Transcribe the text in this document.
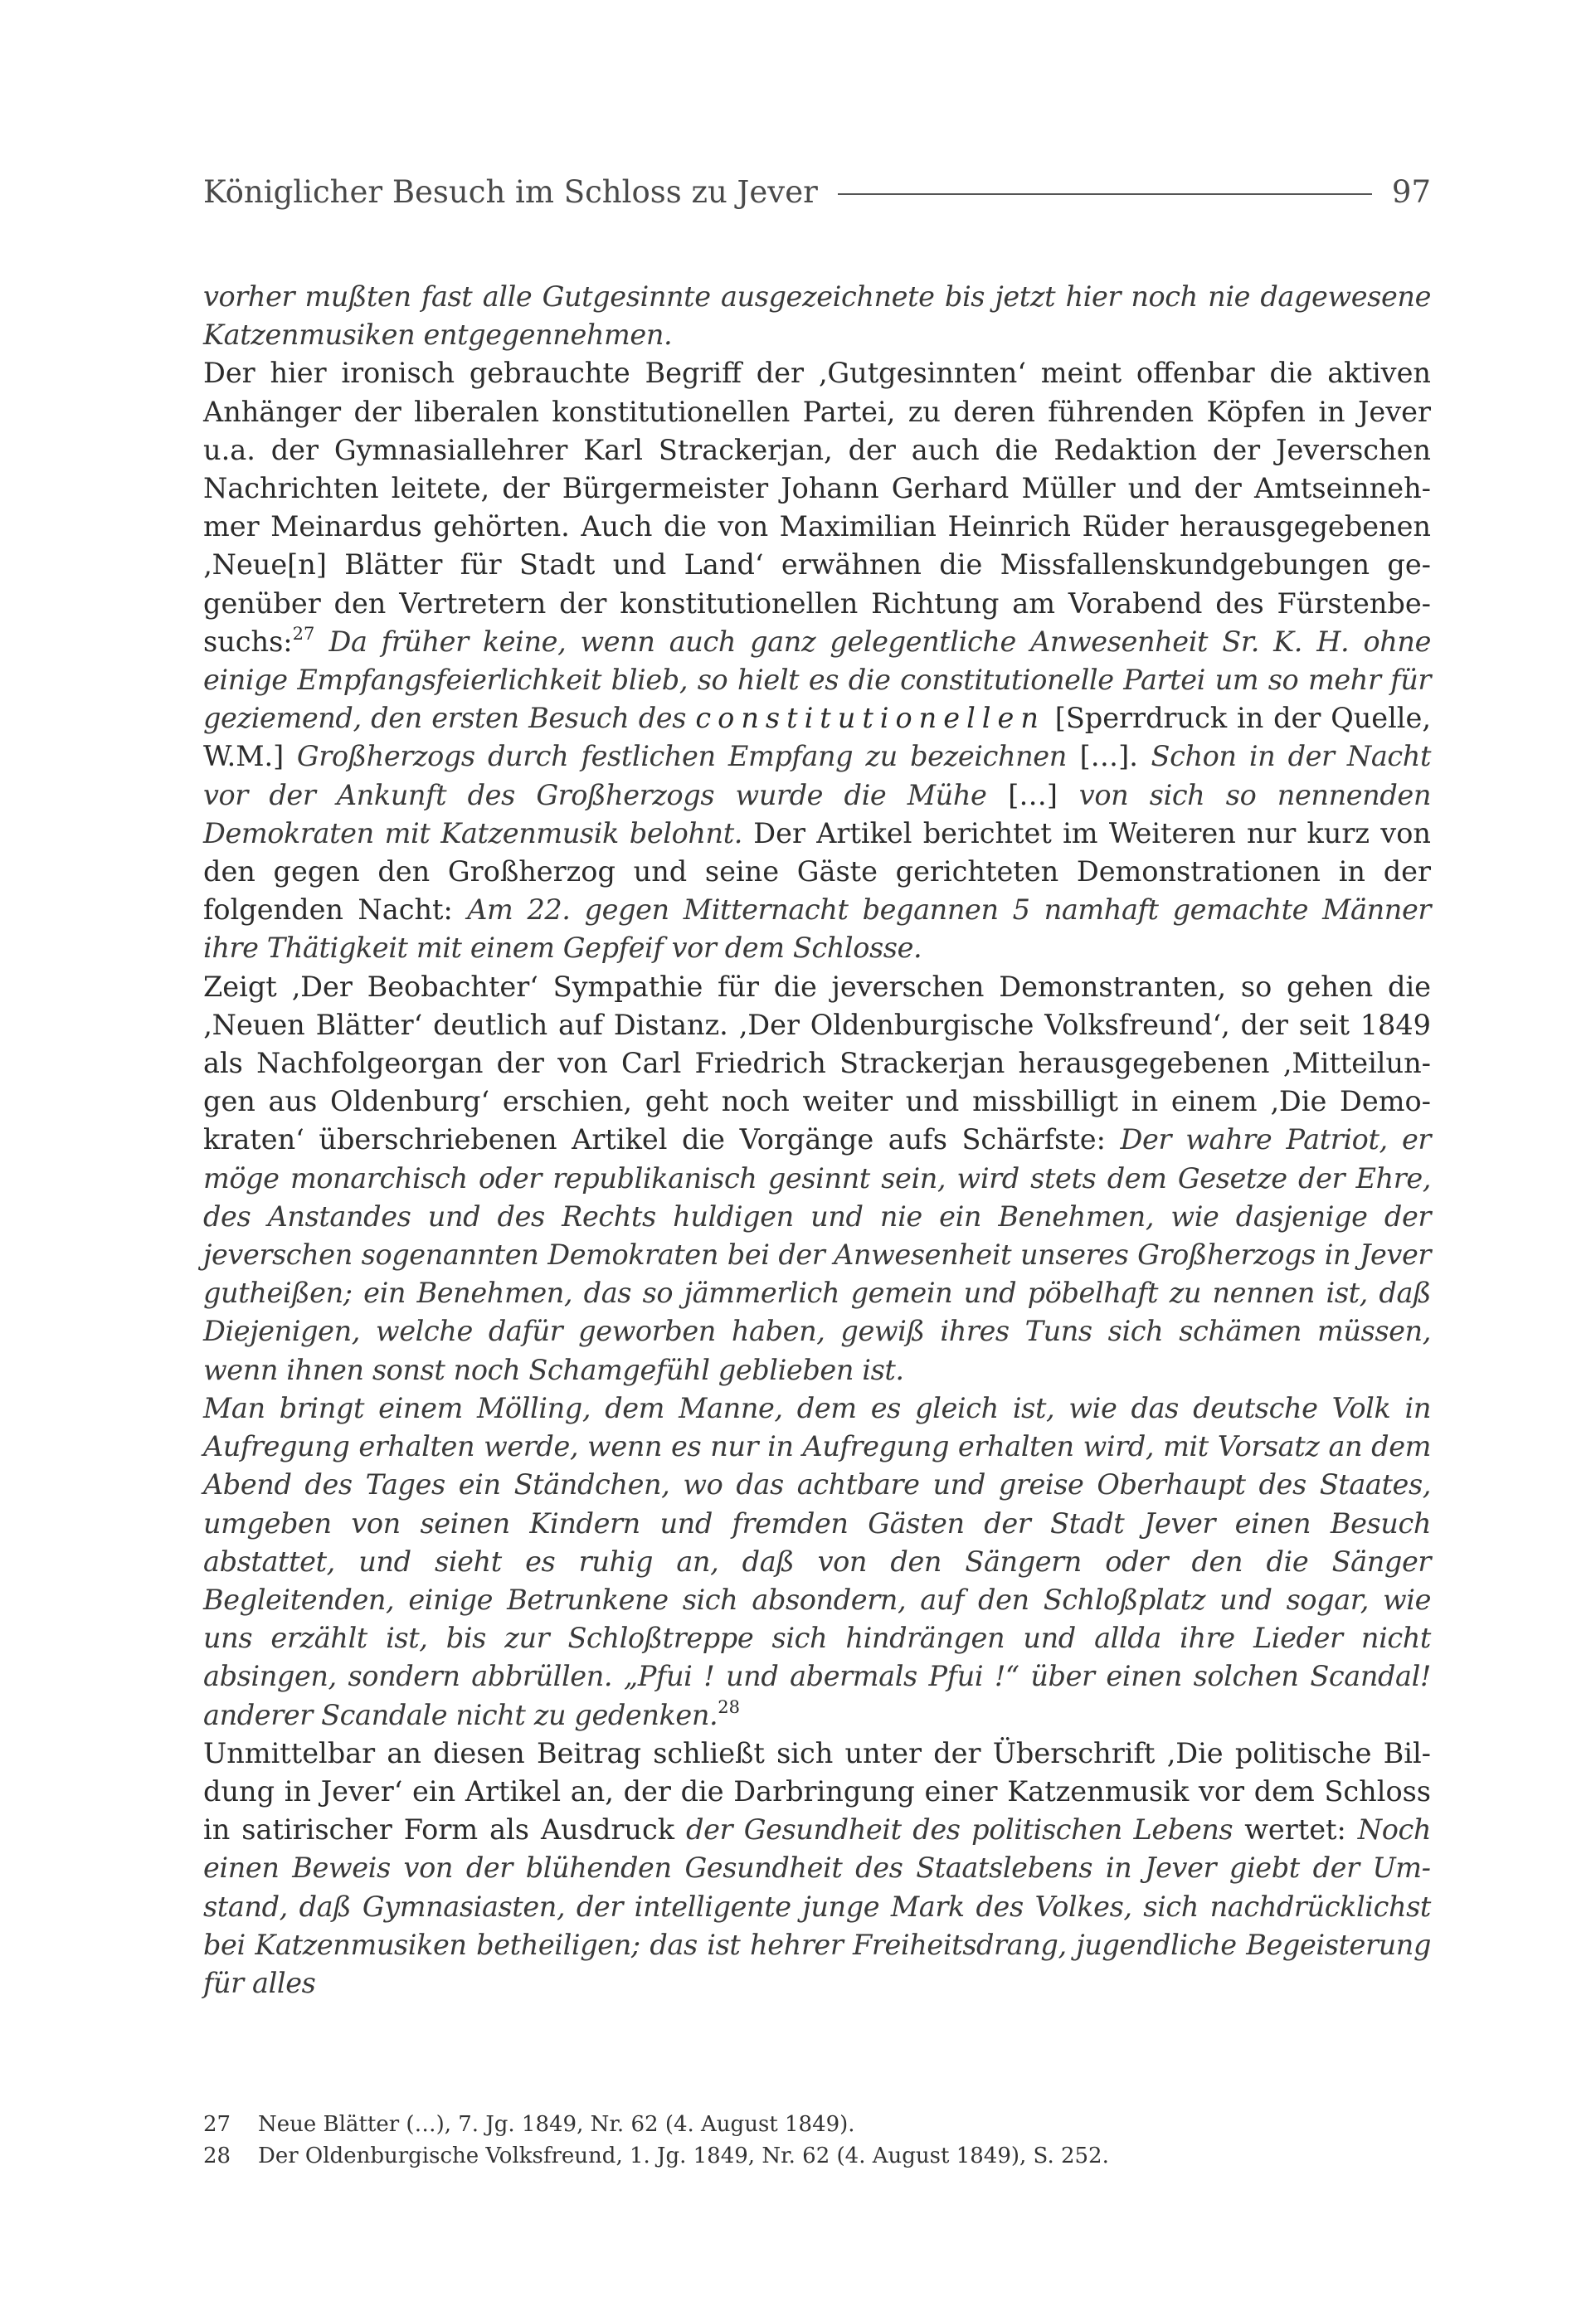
Königlicher Besuch im Schloss zu Jever	97

vorher mußten fast alle Gutgesinnte ausgezeichnete bis jetzt hier noch nie dagewesene Katzenmusiken entgegennehmen.

Der hier ironisch gebrauchte Begriff der ‚Gutgesinnten‘ meint offenbar die aktiven Anhänger der liberalen konstitutionellen Partei, zu deren führenden Köpfen in Jever u.a. der Gymnasiallehrer Karl Strackerjan, der auch die Redaktion der Jeverschen Nachrichten leitete, der Bürgermeister Johann Gerhard Müller und der Amtseinnehmer Meinardus gehörten. Auch die von Maximilian Heinrich Rüder herausgegebenen ‚Neue[n] Blätter für Stadt und Land‘ erwähnen die Missfallenskundgebungen gegenüber den Vertretern der konstitutionellen Richtung am Vorabend des Fürstenbesuchs:$^{27}$ Da früher keine, wenn auch ganz gelegentliche Anwesenheit Sr. K. H. ohne einige Empfangsfeierlichkeit blieb, so hielt es die constitutionelle Partei um so mehr für geziemend, den ersten Besuch des constitutionellen [Sperrdruck in der Quelle, W.M.] Großherzogs durch festlichen Empfang zu bezeichnen […]. Schon in der Nacht vor der Ankunft des Großherzogs wurde die Mühe […] von sich so nennenden Demokraten mit Katzenmusik belohnt. Der Artikel berichtet im Weiteren nur kurz von den gegen den Großherzog und seine Gäste gerichteten Demonstrationen in der folgenden Nacht: Am 22. gegen Mitternacht begannen 5 namhaft gemachte Männer ihre Thätigkeit mit einem Gepfeif vor dem Schlosse.

Zeigt ‚Der Beobachter‘ Sympathie für die jeverschen Demonstranten, so gehen die ‚Neuen Blätter‘ deutlich auf Distanz. ‚Der Oldenburgische Volksfreund‘, der seit 1849 als Nachfolgeorgan der von Carl Friedrich Strackerjan herausgegebenen ‚Mitteilungen aus Oldenburg‘ erschien, geht noch weiter und missbilligt in einem ‚Die Demokraten‘ überschriebenen Artikel die Vorgänge aufs Schärfste: Der wahre Patriot, er möge monarchisch oder republikanisch gesinnt sein, wird stets dem Gesetze der Ehre, des Anstandes und des Rechts huldigen und nie ein Benehmen, wie dasjenige der jeverschen sogenannten Demokraten bei der Anwesenheit unseres Großherzogs in Jever gutheißen; ein Benehmen, das so jämmerlich gemein und pöbelhaft zu nennen ist, daß Diejenigen, welche dafür geworben haben, gewiß ihres Tuns sich schämen müssen, wenn ihnen sonst noch Schamgefühl geblieben ist.

Man bringt einem Mölling, dem Manne, dem es gleich ist, wie das deutsche Volk in Aufregung erhalten werde, wenn es nur in Aufregung erhalten wird, mit Vorsatz an dem Abend des Tages ein Ständchen, wo das achtbare und greise Oberhaupt des Staates, umgeben von seinen Kindern und fremden Gästen der Stadt Jever einen Besuch abstattet, und sieht es ruhig an, daß von den Sängern oder den die Sänger Begleitenden, einige Betrunkene sich absondern, auf den Schloßplatz und sogar, wie uns erzählt ist, bis zur Schloßtreppe sich hindrängen und allda ihre Lieder nicht absingen, sondern abbrüllen. „Pfui ! und abermals Pfui !“ über einen solchen Scandal! anderer Scandale nicht zu gedenken.$^{28}$

Unmittelbar an diesen Beitrag schließt sich unter der Überschrift ‚Die politische Bildung in Jever‘ ein Artikel an, der die Darbringung einer Katzenmusik vor dem Schloss in satirischer Form als Ausdruck der Gesundheit des politischen Lebens wertet: Noch einen Beweis von der blühenden Gesundheit des Staatslebens in Jever giebt der Umstand, daß Gymnasiasten, der intelligente junge Mark des Volkes, sich nachdrücklichst bei Katzenmusiken betheiligen; das ist hehrer Freiheitsdrang, jugendliche Begeisterung für alles

27	Neue Blätter (…), 7. Jg. 1849, Nr. 62 (4. August 1849).
28	Der Oldenburgische Volksfreund, 1. Jg. 1849, Nr. 62 (4. August 1849), S. 252.
